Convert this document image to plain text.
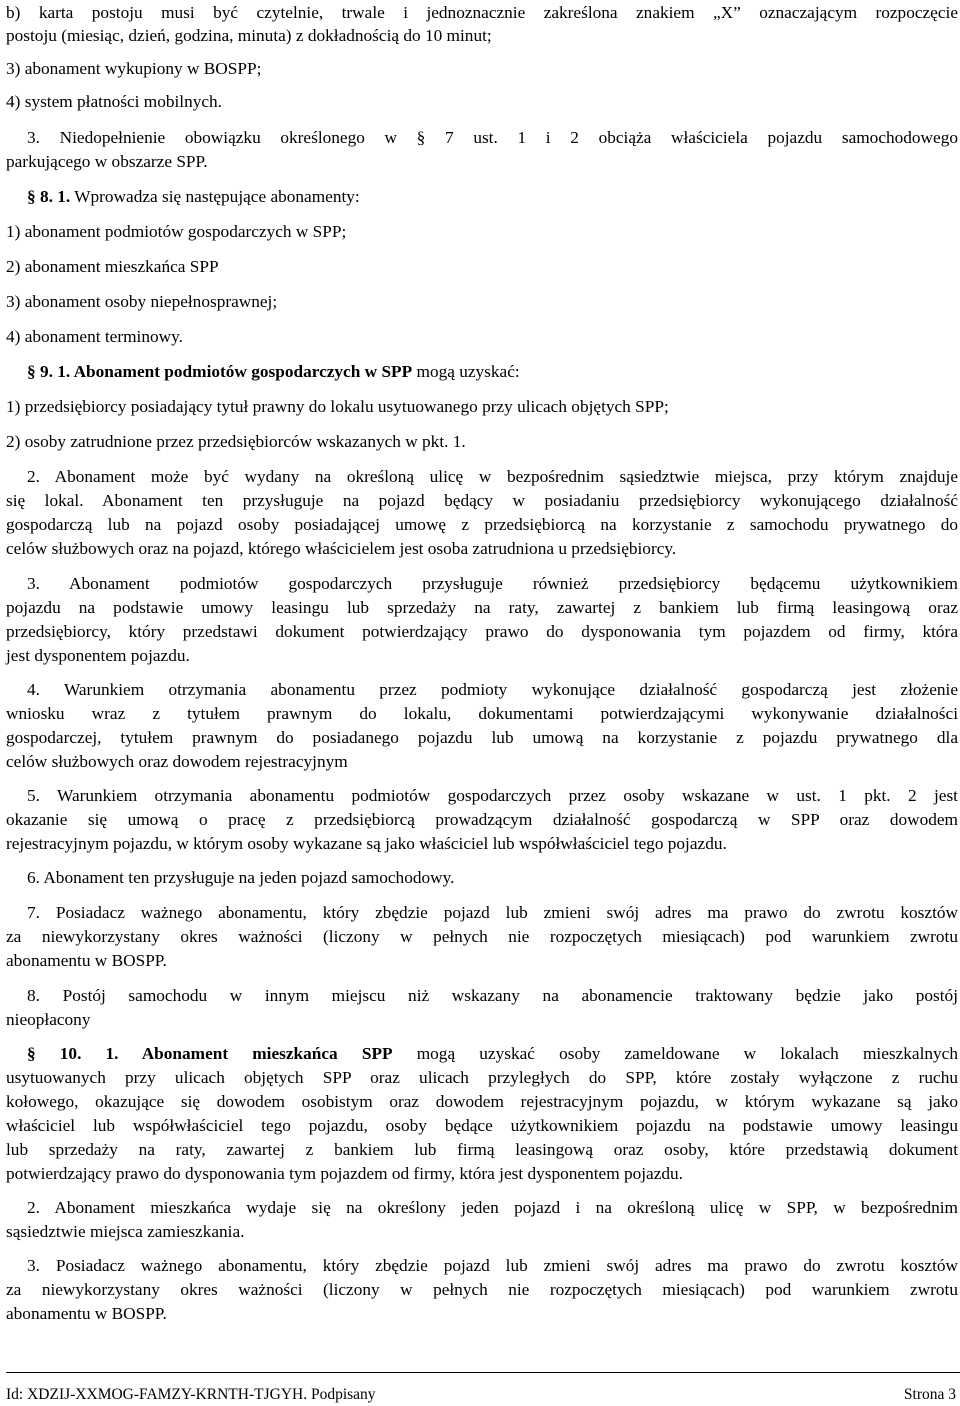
b) karta postoju musi być czytelnie, trwale i jednoznacznie zakreślona znakiem „X” oznaczającym rozpoczęcie
postoju (miesiąc, dzień, godzina, minuta) z dokładnością do 10 minut;
3) abonament wykupiony w BOSPP;
4) system płatności mobilnych.
3. Niedopełnienie obowiązku określonego w § 7 ust. 1 i 2 obciąża właściciela pojazdu samochodowego
parkującego w obszarze SPP.
§ 8. 1. Wprowadza się następujące abonamenty:
1) abonament podmiotów gospodarczych w SPP;
2) abonament mieszkańca SPP
3) abonament osoby niepełnosprawnej;
4) abonament terminowy.
§ 9. 1. Abonament podmiotów gospodarczych w SPP mogą uzyskać:
1) przedsiębiorcy posiadający tytuł prawny do lokalu usytuowanego przy ulicach objętych SPP;
2) osoby zatrudnione przez przedsiębiorców wskazanych w pkt. 1.
2. Abonament może być wydany na określoną ulicę w bezpośrednim sąsiedztwie miejsca, przy którym znajduje
się lokal. Abonament ten przysługuje na pojazd będący w posiadaniu przedsiębiorcy wykonującego działalność
gospodarczą lub na pojazd osoby posiadającej umowę z przedsiębiorcą na korzystanie z samochodu prywatnego do
celów służbowych oraz na pojazd, którego właścicielem jest osoba zatrudniona u przedsiębiorcy.
3. Abonament podmiotów gospodarczych przysługuje również przedsiębiorcy będącemu użytkownikiem
pojazdu na podstawie umowy leasingu lub sprzedaży na raty, zawartej z bankiem lub firmą leasingową oraz
przedsiębiorcy, który przedstawi dokument potwierdzający prawo do dysponowania tym pojazdem od firmy, która
jest dysponentem pojazdu.
4. Warunkiem otrzymania abonamentu przez podmioty wykonujące działalność gospodarczą jest złożenie
wniosku wraz z tytułem prawnym do lokalu, dokumentami potwierdzającymi wykonywanie działalności
gospodarczej, tytułem prawnym do posiadanego pojazdu lub umową na korzystanie z pojazdu prywatnego dla
celów służbowych oraz dowodem rejestracyjnym
5. Warunkiem otrzymania abonamentu podmiotów gospodarczych przez osoby wskazane w ust. 1 pkt. 2 jest
okazanie się umową o pracę z przedsiębiorcą prowadzącym działalność gospodarczą w SPP oraz dowodem
rejestracyjnym pojazdu, w którym osoby wykazane są jako właściciel lub współwłaściciel tego pojazdu.
6. Abonament ten przysługuje na jeden pojazd samochodowy.
7. Posiadacz ważnego abonamentu, który zbędzie pojazd lub zmieni swój adres ma prawo do zwrotu kosztów
za niewykorzystany okres ważności (liczony w pełnych nie rozpoczętych miesiącach) pod warunkiem zwrotu
abonamentu w BOSPP.
8. Postój samochodu w innym miejscu niż wskazany na abonamencie traktowany będzie jako postój
nieopłacony
§ 10. 1. Abonament mieszkańca SPP mogą uzyskać osoby zameldowane w lokalach mieszkalnych
usytuowanych przy ulicach objętych SPP oraz ulicach przyległych do SPP, które zostały wyłączone z ruchu
kołowego, okazujące się dowodem osobistym oraz dowodem rejestracyjnym pojazdu, w którym wykazane są jako
właściciel lub współwłaściciel tego pojazdu, osoby będące użytkownikiem pojazdu na podstawie umowy leasingu
lub sprzedaży na raty, zawartej z bankiem lub firmą leasingową oraz osoby, które przedstawią dokument
potwierdzający prawo do dysponowania tym pojazdem od firmy, która jest dysponentem pojazdu.
2. Abonament mieszkańca wydaje się na określony jeden pojazd i na określoną ulicę w SPP, w bezpośrednim
sąsiedztwie miejsca zamieszkania.
3. Posiadacz ważnego abonamentu, który zbędzie pojazd lub zmieni swój adres ma prawo do zwrotu kosztów
za niewykorzystany okres ważności (liczony w pełnych nie rozpoczętych miesiącach) pod warunkiem zwrotu
abonamentu w BOSPP.
Id: XDZIJ-XXMOG-FAMZY-KRNTH-TJGYH. Podpisany	Strona 3
